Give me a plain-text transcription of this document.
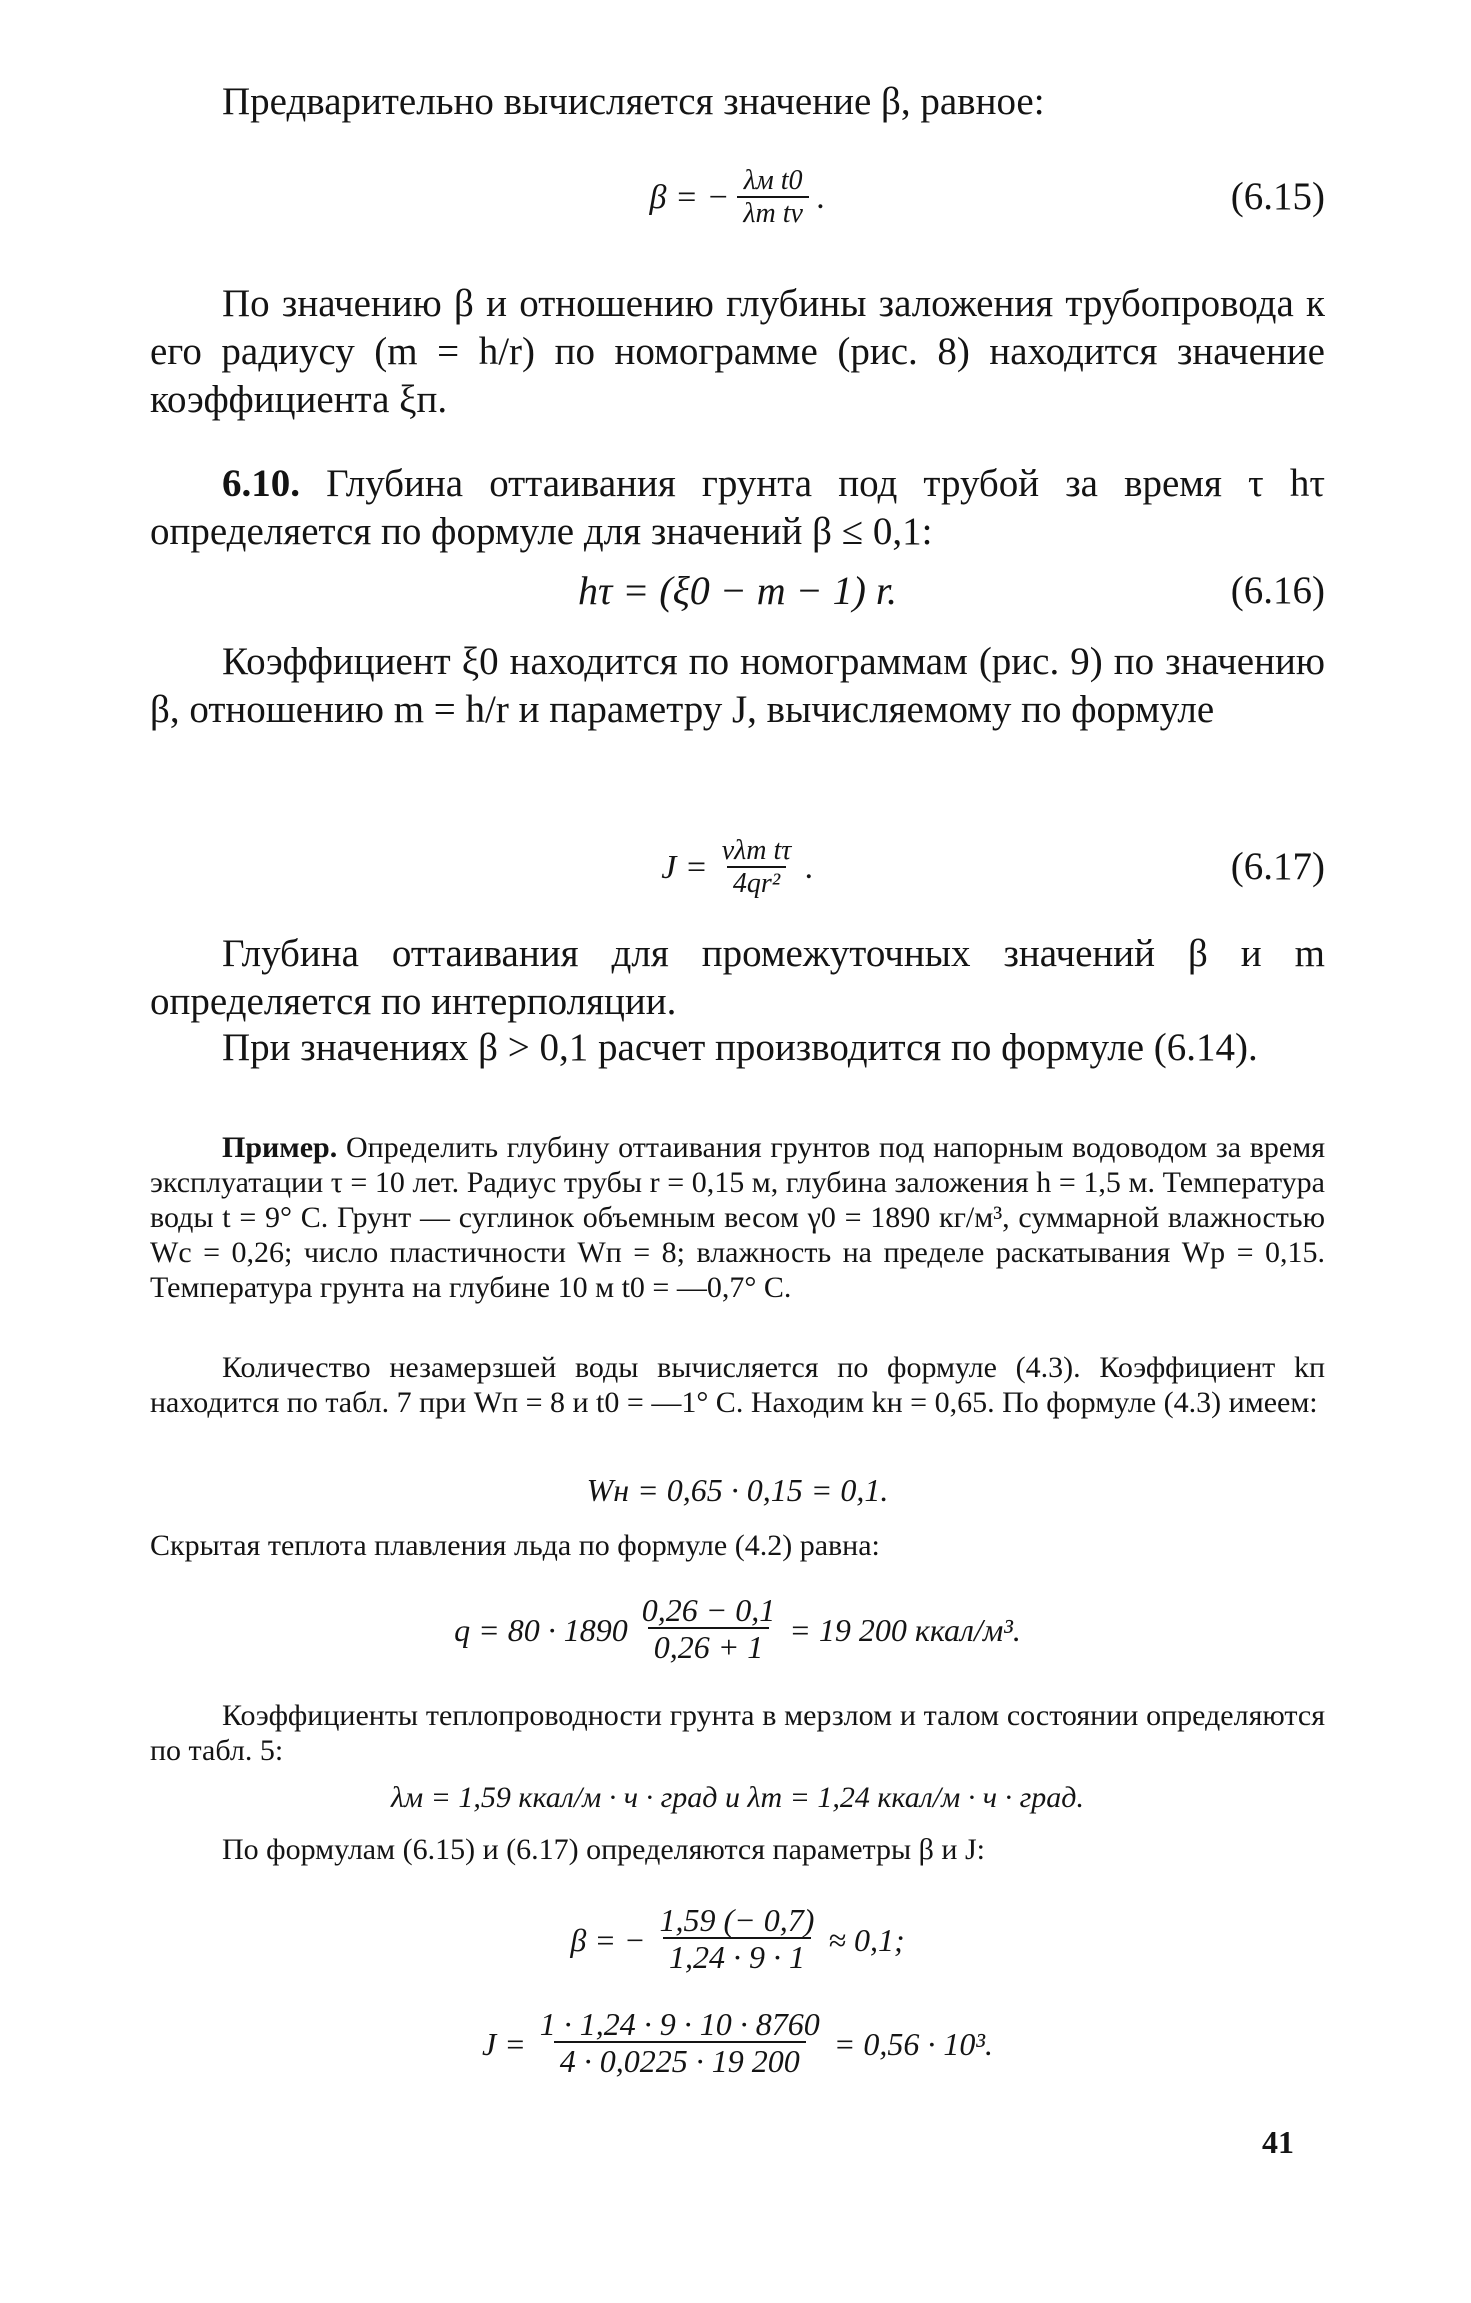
Предварительно вычисляется значение β, равное:

β = − $\frac{\text{λм t0}}{\text{λт tv}}$ .	(6.15)

По значению β и отношению глубины заложения трубопровода к его радиусу (m = h/r) по номограмме (рис. 8) находится значение коэффициента ξп.

6.10. Глубина оттаивания грунта под трубой за время τ hτ определяется по формуле для значений β ≤ 0,1:

hτ = (ξ0 − m − 1) r.	(6.16)

Коэффициент ξ0 находится по номограммам (рис. 9) по значению β, отношению m = h/r и параметру J, вычисляемому по формуле

$J = \frac{\text{νλт tτ}}{\text{4qr²}}$ .	(6.17)

Глубина оттаивания для промежуточных значений β и m определяется по интерполяции.

При значениях β > 0,1 расчет производится по формуле (6.14).

Пример. Определить глубину оттаивания грунтов под напорным водоводом за время эксплуатации τ = 10 лет. Радиус трубы r = 0,15 м, глубина заложения h = 1,5 м. Температура воды t = 9° С. Грунт — суглинок объемным весом γ0 = 1890 кг/м³, суммарной влажностью Wc = 0,26; число пластичности Wп = 8; влажность на пределе раскатывания Wр = 0,15. Температура грунта на глубине 10 м t0 = —0,7° С.

Количество незамерзшей воды вычисляется по формуле (4.3). Коэффициент kп находится по табл. 7 при Wп = 8 и t0 = —1° С. Находим kн = 0,65. По формуле (4.3) имеем:

Wн = 0,65 · 0,15 = 0,1.

Скрытая теплота плавления льда по формуле (4.2) равна:

$q = 80 \cdot 1890 \frac{0,26 - 0,1}{0,26 + 1} = 19$ 200 ккал/м³.

Коэффициенты теплопроводности грунта в мерзлом и талом состоянии определяются по табл. 5:

λм = 1,59 ккал/м · ч · град и λт = 1,24 ккал/м · ч · град.

По формулам (6.15) и (6.17) определяются параметры β и J:

β = − $\frac{1,59 (- 0,7)}{1,24 \cdot 9 \cdot 1} \approx 0,1$;
$J = \frac{1 \cdot 1,24 \cdot 9 \cdot 10 \cdot 8760}{4 \cdot 0,0225 \cdot 19 200} = 0,56 \cdot 10^3$.
41
